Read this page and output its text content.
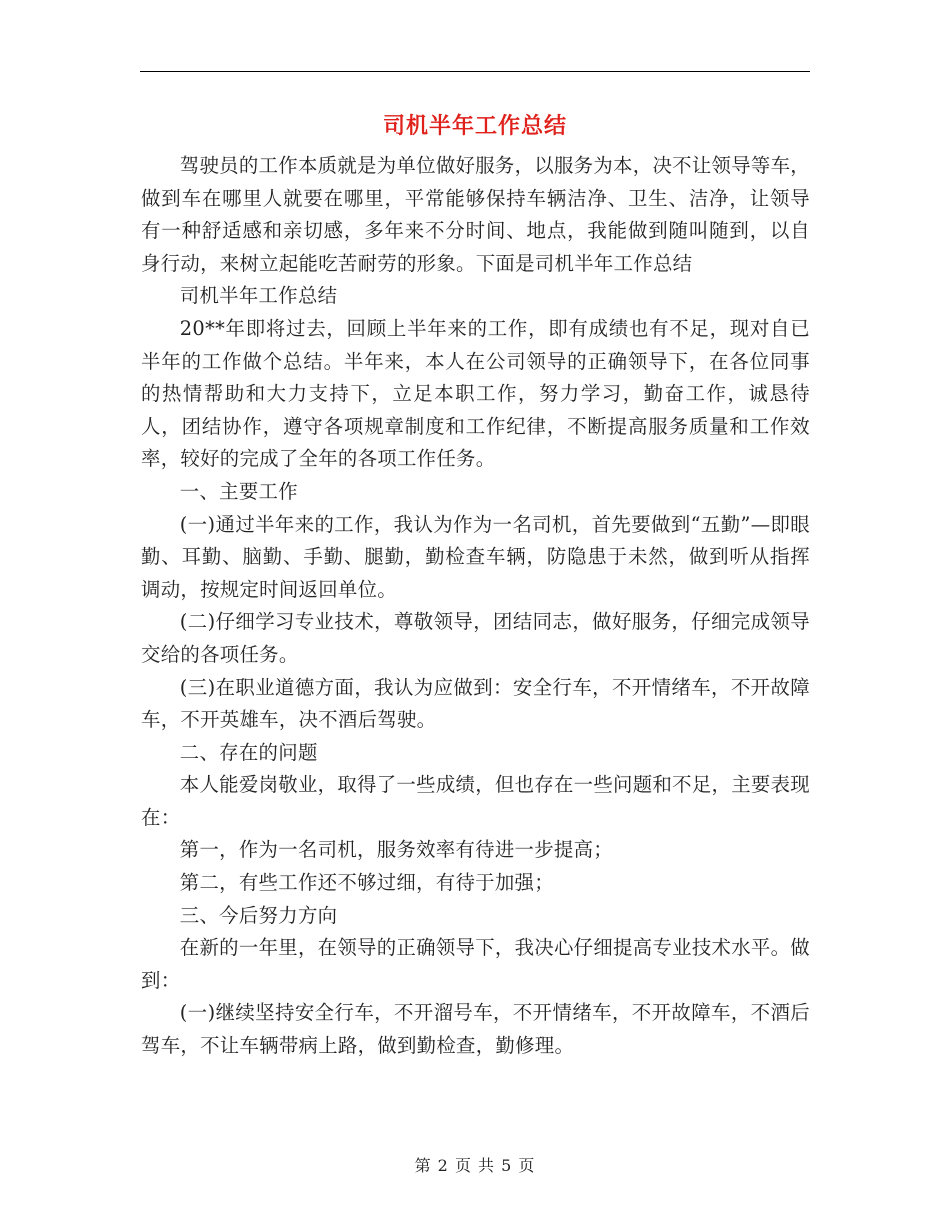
司机半年工作总结

驾驶员的工作本质就是为单位做好服务，以服务为本，决不让领导等车，做到车在哪里人就要在哪里，平常能够保持车辆洁净、卫生、洁净，让领导有一种舒适感和亲切感，多年来不分时间、地点，我能做到随叫随到，以自身行动，来树立起能吃苦耐劳的形象。下面是司机半年工作总结

司机半年工作总结

20**年即将过去，回顾上半年来的工作，即有成绩也有不足，现对自已半年的工作做个总结。半年来，本人在公司领导的正确领导下，在各位同事的热情帮助和大力支持下，立足本职工作，努力学习，勤奋工作，诚恳待人，团结协作，遵守各项规章制度和工作纪律，不断提高服务质量和工作效率，较好的完成了全年的各项工作任务。

一、主要工作

(一)通过半年来的工作，我认为作为一名司机，首先要做到“五勤”—即眼勤、耳勤、脑勤、手勤、腿勤，勤检查车辆，防隐患于未然，做到听从指挥调动，按规定时间返回单位。

(二)仔细学习专业技术，尊敬领导，团结同志，做好服务，仔细完成领导交给的各项任务。

(三)在职业道德方面，我认为应做到：安全行车，不开情绪车，不开故障车，不开英雄车，决不酒后驾驶。

二、存在的问题

本人能爱岗敬业，取得了一些成绩，但也存在一些问题和不足，主要表现在：

第一，作为一名司机，服务效率有待进一步提高；

第二，有些工作还不够过细，有待于加强；

三、今后努力方向

在新的一年里，在领导的正确领导下，我决心仔细提高专业技术水平。做到：

(一)继续坚持安全行车，不开溜号车，不开情绪车，不开故障车，不酒后驾车，不让车辆带病上路，做到勤检查，勤修理。

第 2 页 共 5 页
